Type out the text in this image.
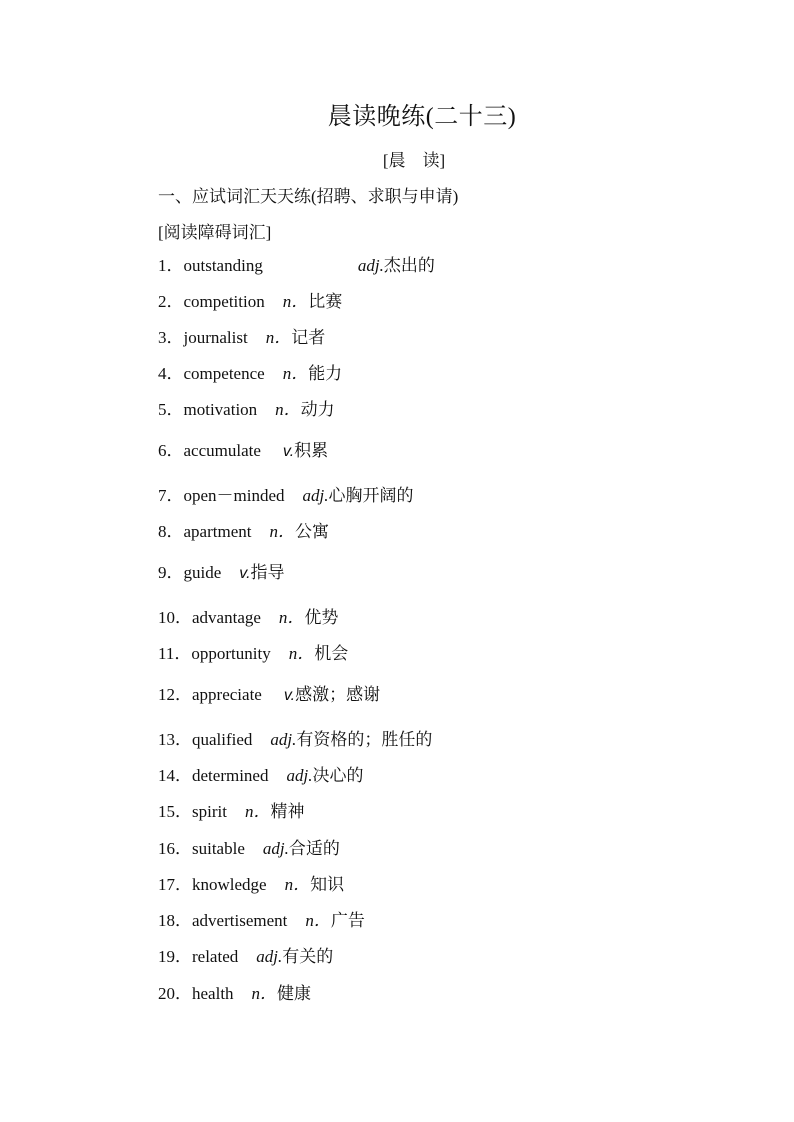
晨读晚练(二十三)
[晨　读]
一、应试词汇天天练(招聘、求职与申请)
[阅读障碍词汇]
1．outstanding	adj.杰出的
2．competition n．比赛
3．journalist n．记者
4．competence n．能力
5．motivation n．动力
6．accumulate v.积累
7．open－minded adj.心胸开阔的
8．apartment n．公寓
9．guide v.指导
10．advantage n．优势
11．opportunity n．机会
12．appreciate v.感激；感谢
13．qualified adj.有资格的；胜任的
14．determined adj.决心的
15．spirit n．精神
16．suitable adj.合适的
17．knowledge n．知识
18．advertisement n．广告
19．related adj.有关的
20．health n．健康
